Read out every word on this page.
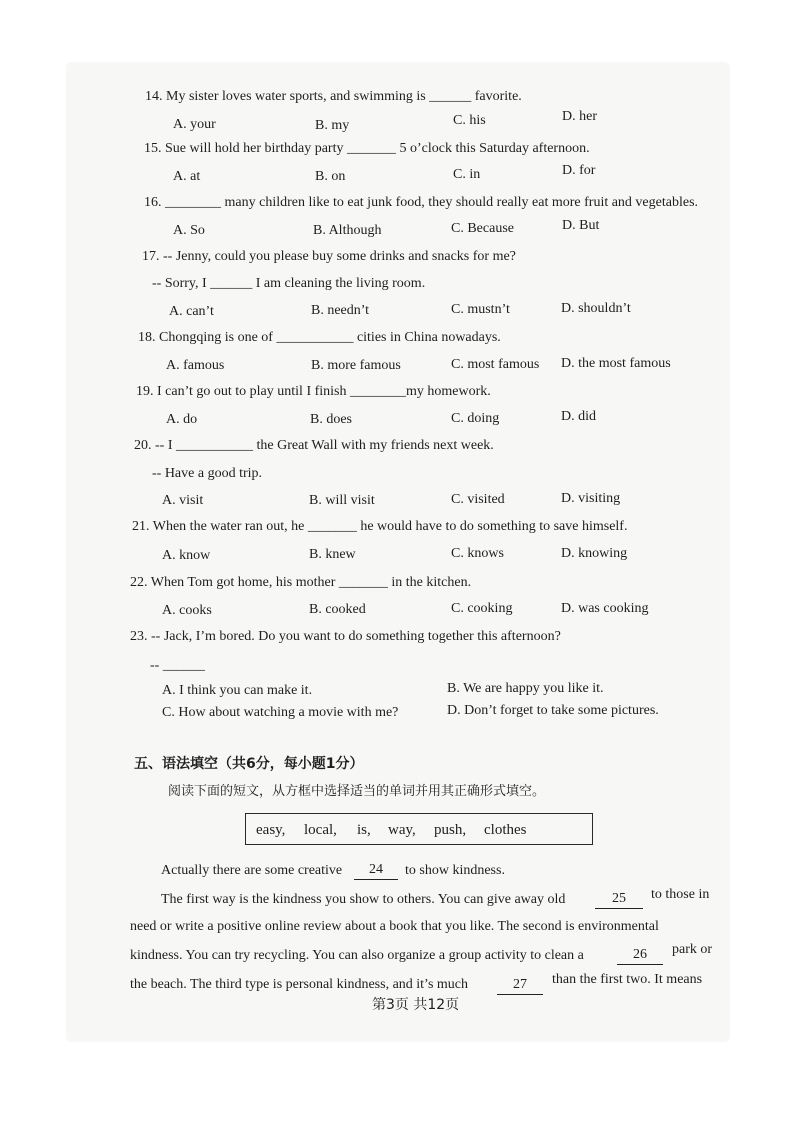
14. My sister loves water sports, and swimming is ______ favorite.
A. your	B. my	C. his	D. her
15. Sue will hold her birthday party _______ 5 o’clock this Saturday afternoon.
A. at	B. on	C. in	D. for
16. ________ many children like to eat junk food, they should really eat more fruit and vegetables.
A. So	B. Although	C. Because	D. But
17. -- Jenny, could you please buy some drinks and snacks for me?
-- Sorry, I ______ I am cleaning the living room.
A. can’t	B. needn’t	C. mustn’t	D. shouldn’t
18. Chongqing is one of ___________ cities in China nowadays.
A. famous	B. more famous	C. most famous D. the most famous
19. I can’t go out to play until I finish ________my homework.
A. do	B. does	C. doing	D. did
20. -- I ___________ the Great Wall with my friends next week.
-- Have a good trip.
A. visit	B. will visit	C. visited	D. visiting
21. When the water ran out, he _______ he would have to do something to save himself.
A. know	B. knew	C. knows	D. knowing
22. When Tom got home, his mother _______ in the kitchen.
A. cooks	B. cooked	C. cooking	D. was cooking
23. -- Jack, I’m bored. Do you want to do something together this afternoon?
-- ______
A. I think you can make it.	B. We are happy you like it.
C. How about watching a movie with me?	D. Don’t forget to take some pictures.
五、语法填空（共6分，每小题1分）
阅读下面的短文，从方框中选择适当的单词并用其正确形式填空。
easy, local, is, way, push, clothes
Actually there are some creative	24	to show kindness.
The first way is the kindness you show to others. You can give away old	25	to those in
need or write a positive online review about a book that you like. The second is environmental
kindness. You can try recycling. You can also organize a group activity to clean a	26	park or
the beach. The third type is personal kindness, and it’s much	27	than the first two. It means
第3页 共12页
